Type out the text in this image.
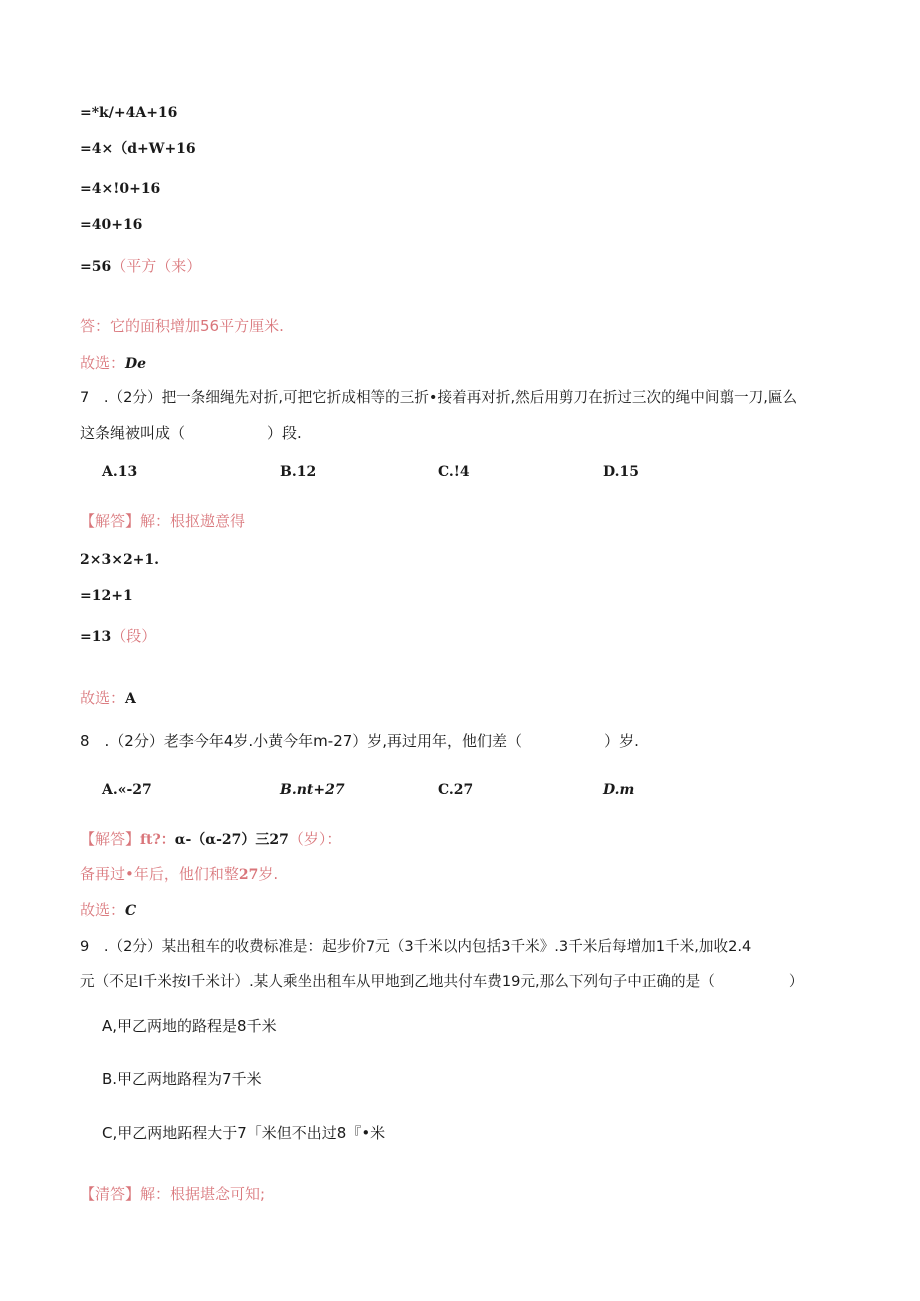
=*k/+4A+16
=4×（d+W+16
=4×!0+16
=40+16
=56（平方（来）
答：它的面积增加56平方厘米.
故选：De
7　.（2分）把一条细绳先对折,可把它折成相等的三折•接着再对折,然后用剪刀在折过三次的绳中间翦一刀,匾么
这条绳被叫成（	）段.
A.13	B.12	C.!4	D.15
【解答】解：根抠遨意得
2×3×2+1.
=12+1
=13（段）
故选：A
8　.（2分）老李今年4岁.小黄今年m-27）岁,再过用年，他们差（	）岁.
A.«-27	B.nt+27	C.27	D.m
【解答】ft?：α-（α-27）三27（岁）：
备再过•年后，他们和整27岁.
故选：C
9　.（2分）某出租车的收费标准是：起步价7元（3千米以内包括3千米》.3千米后每增加1千米,加收2.4
元（不足I千米按I千米计）.某人乘坐出租车从甲地到乙地共付车费19元,那么下列句子中正确的是（	）
A,甲乙两地的路程是8千米
B.甲乙两地路程为7千米
C,甲乙两地跖程大于7「米但不出过8『•米
【清答】解：根据堪念可知;
